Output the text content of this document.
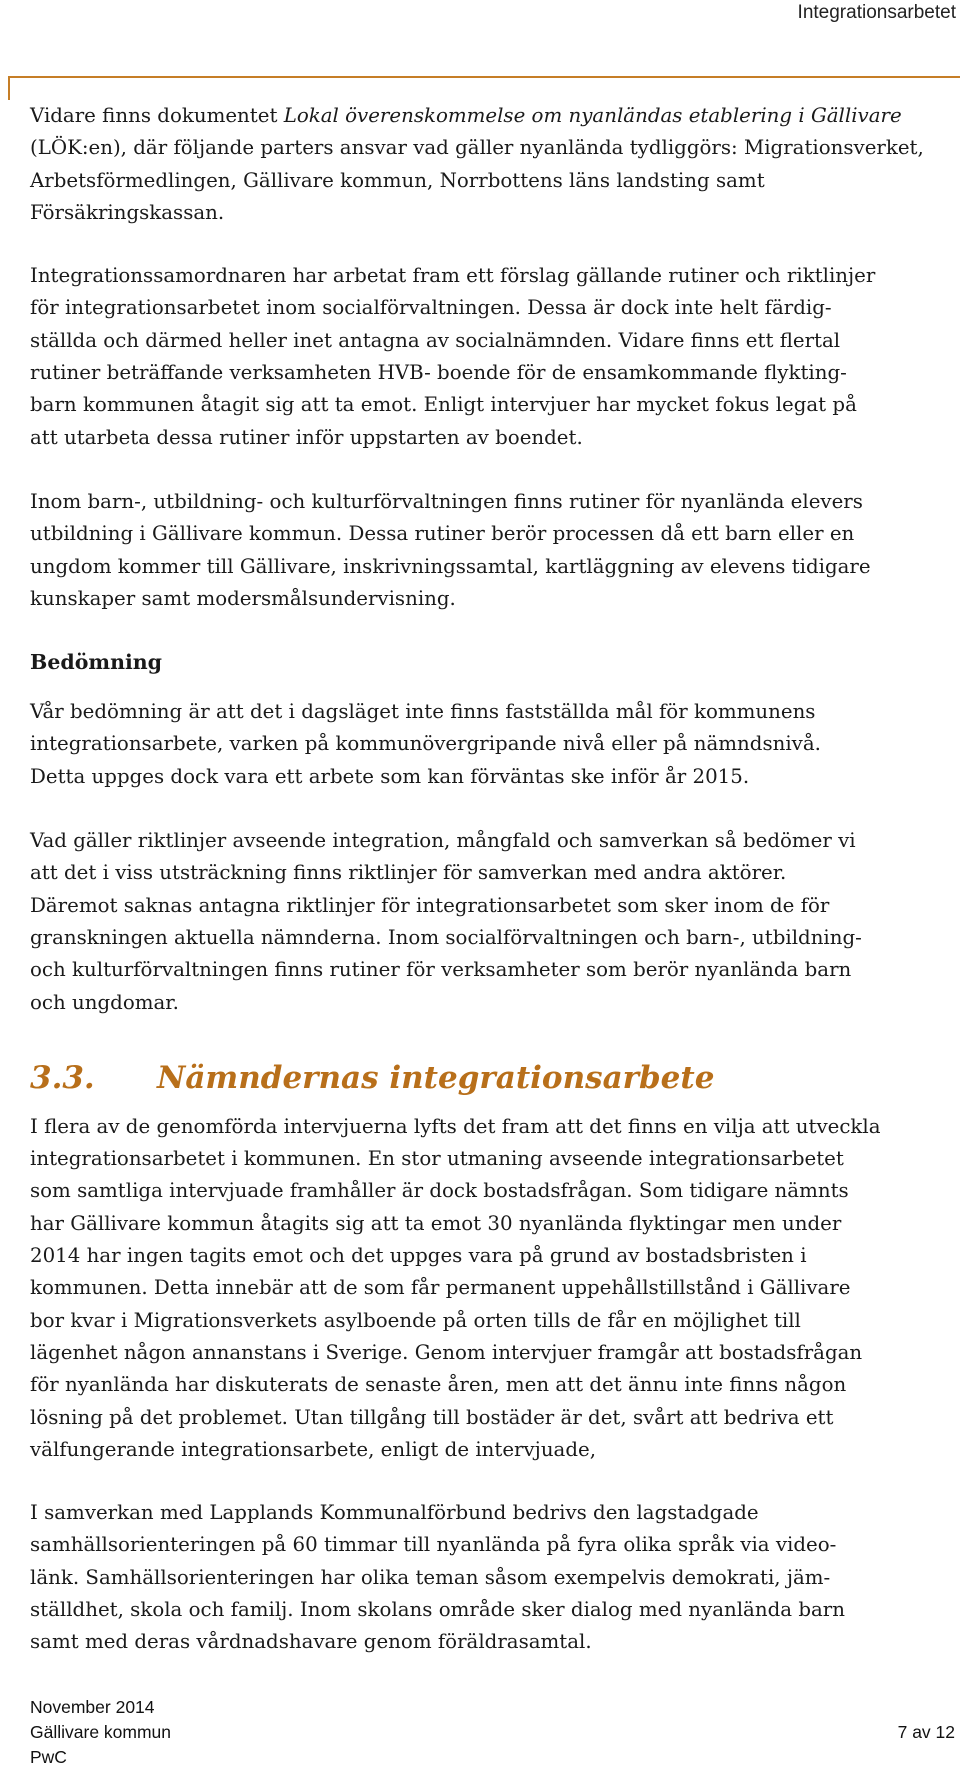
Integrationsarbetet

Vidare finns dokumentet Lokal överenskommelse om nyanländas etablering i Gällivare (LÖK:en), där följande parters ansvar vad gäller nyanlända tydliggörs: Migrationsverket, Arbetsförmedlingen, Gällivare kommun, Norrbottens läns landsting samt Försäkringskassan.

Integrationssamordnaren har arbetat fram ett förslag gällande rutiner och riktlinjer
för integrationsarbetet inom socialförvaltningen. Dessa är dock inte helt färdig-
ställda och därmed heller inet antagna av socialnämnden. Vidare finns ett flertal
rutiner beträffande verksamheten HVB- boende för de ensamkommande flykting-
barn kommunen åtagit sig att ta emot. Enligt intervjuer har mycket fokus legat på
att utarbeta dessa rutiner inför uppstarten av boendet.

Inom barn-, utbildning- och kulturförvaltningen finns rutiner för nyanlända elevers
utbildning i Gällivare kommun. Dessa rutiner berör processen då ett barn eller en
ungdom kommer till Gällivare, inskrivningssamtal, kartläggning av elevens tidigare
kunskaper samt modersmålsundervisning.

Bedömning

Vår bedömning är att det i dagsläget inte finns fastställda mål för kommunens
integrationsarbete, varken på kommunövergripande nivå eller på nämndsnivå.
Detta uppges dock vara ett arbete som kan förväntas ske inför år 2015.

Vad gäller riktlinjer avseende integration, mångfald och samverkan så bedömer vi
att det i viss utsträckning finns riktlinjer för samverkan med andra aktörer.
Däremot saknas antagna riktlinjer för integrationsarbetet som sker inom de för
granskningen aktuella nämnderna. Inom socialförvaltningen och barn-, utbildning-
och kulturförvaltningen finns rutiner för verksamheter som berör nyanlända barn
och ungdomar.

3.3. Nämndernas integrationsarbete

I flera av de genomförda intervjuerna lyfts det fram att det finns en vilja att utveckla
integrationsarbetet i kommunen. En stor utmaning avseende integrationsarbetet
som samtliga intervjuade framhåller är dock bostadsfrågan. Som tidigare nämnts
har Gällivare kommun åtagits sig att ta emot 30 nyanlända flyktingar men under
2014 har ingen tagits emot och det uppges vara på grund av bostadsbristen i
kommunen. Detta innebär att de som får permanent uppehållstillstånd i Gällivare
bor kvar i Migrationsverkets asylboende på orten tills de får en möjlighet till
lägenhet någon annanstans i Sverige. Genom intervjuer framgår att bostadsfrågan
för nyanlända har diskuterats de senaste åren, men att det ännu inte finns någon
lösning på det problemet. Utan tillgång till bostäder är det, svårt att bedriva ett
välfungerande integrationsarbete, enligt de intervjuade,

I samverkan med Lapplands Kommunalförbund bedrivs den lagstadgade
samhällsorienteringen på 60 timmar till nyanlända på fyra olika språk via video-
länk. Samhällsorienteringen har olika teman såsom exempelvis demokrati, jäm-
ställdhet, skola och familj. Inom skolans område sker dialog med nyanlända barn
samt med deras vårdnadshavare genom föräldrasamtal.

November 2014
Gällivare kommun
PwC
7 av 12
